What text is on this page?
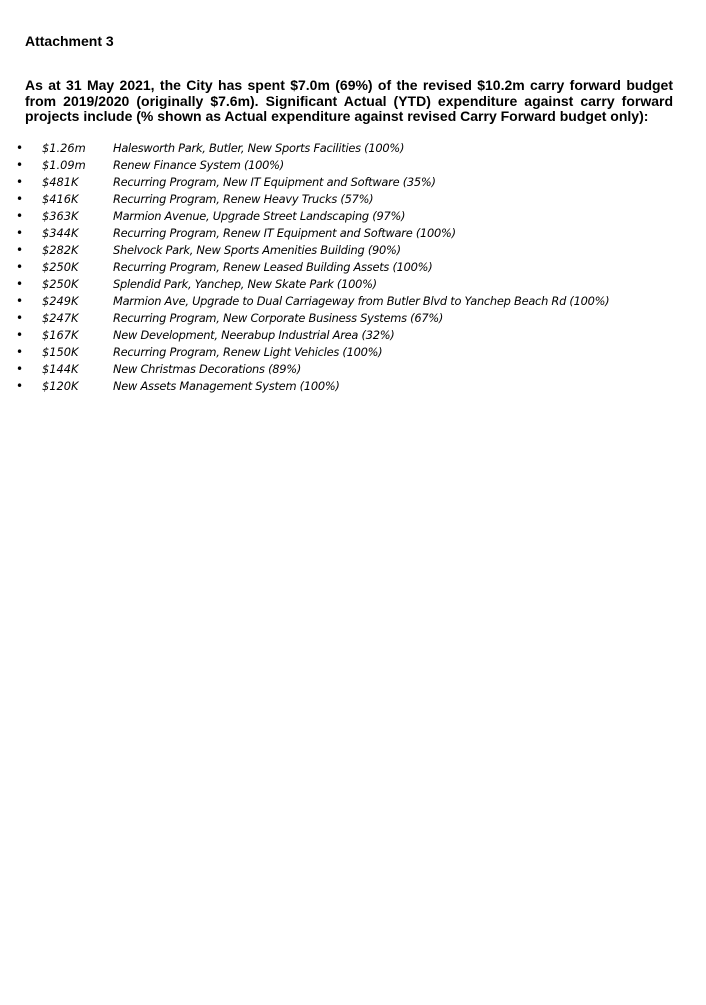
Attachment 3

As at 31 May 2021, the City has spent $7.0m (69%) of the revised $10.2m carry forward budget from 2019/2020 (originally $7.6m). Significant Actual (YTD) expenditure against carry forward projects include (% shown as Actual expenditure against revised Carry Forward budget only):

• $1.26m Halesworth Park, Butler, New Sports Facilities (100%)
• $1.09m Renew Finance System (100%)
• $481K	Recurring Program, New IT Equipment and Software (35%)
• $416K	Recurring Program, Renew Heavy Trucks (57%)
• $363K	Marmion Avenue, Upgrade Street Landscaping (97%)
• $344K	Recurring Program, Renew IT Equipment and Software (100%)
• $282K	Shelvock Park, New Sports Amenities Building (90%)
• $250K	Recurring Program, Renew Leased Building Assets (100%)
• $250K	Splendid Park, Yanchep, New Skate Park (100%)
• $249K	Marmion Ave, Upgrade to Dual Carriageway from Butler Blvd to Yanchep Beach Rd (100%)
• $247K	Recurring Program, New Corporate Business Systems (67%)
• $167K	New Development, Neerabup Industrial Area (32%)
• $150K	Recurring Program, Renew Light Vehicles (100%)
• $144K	New Christmas Decorations (89%)
• $120K	New Assets Management System (100%)
